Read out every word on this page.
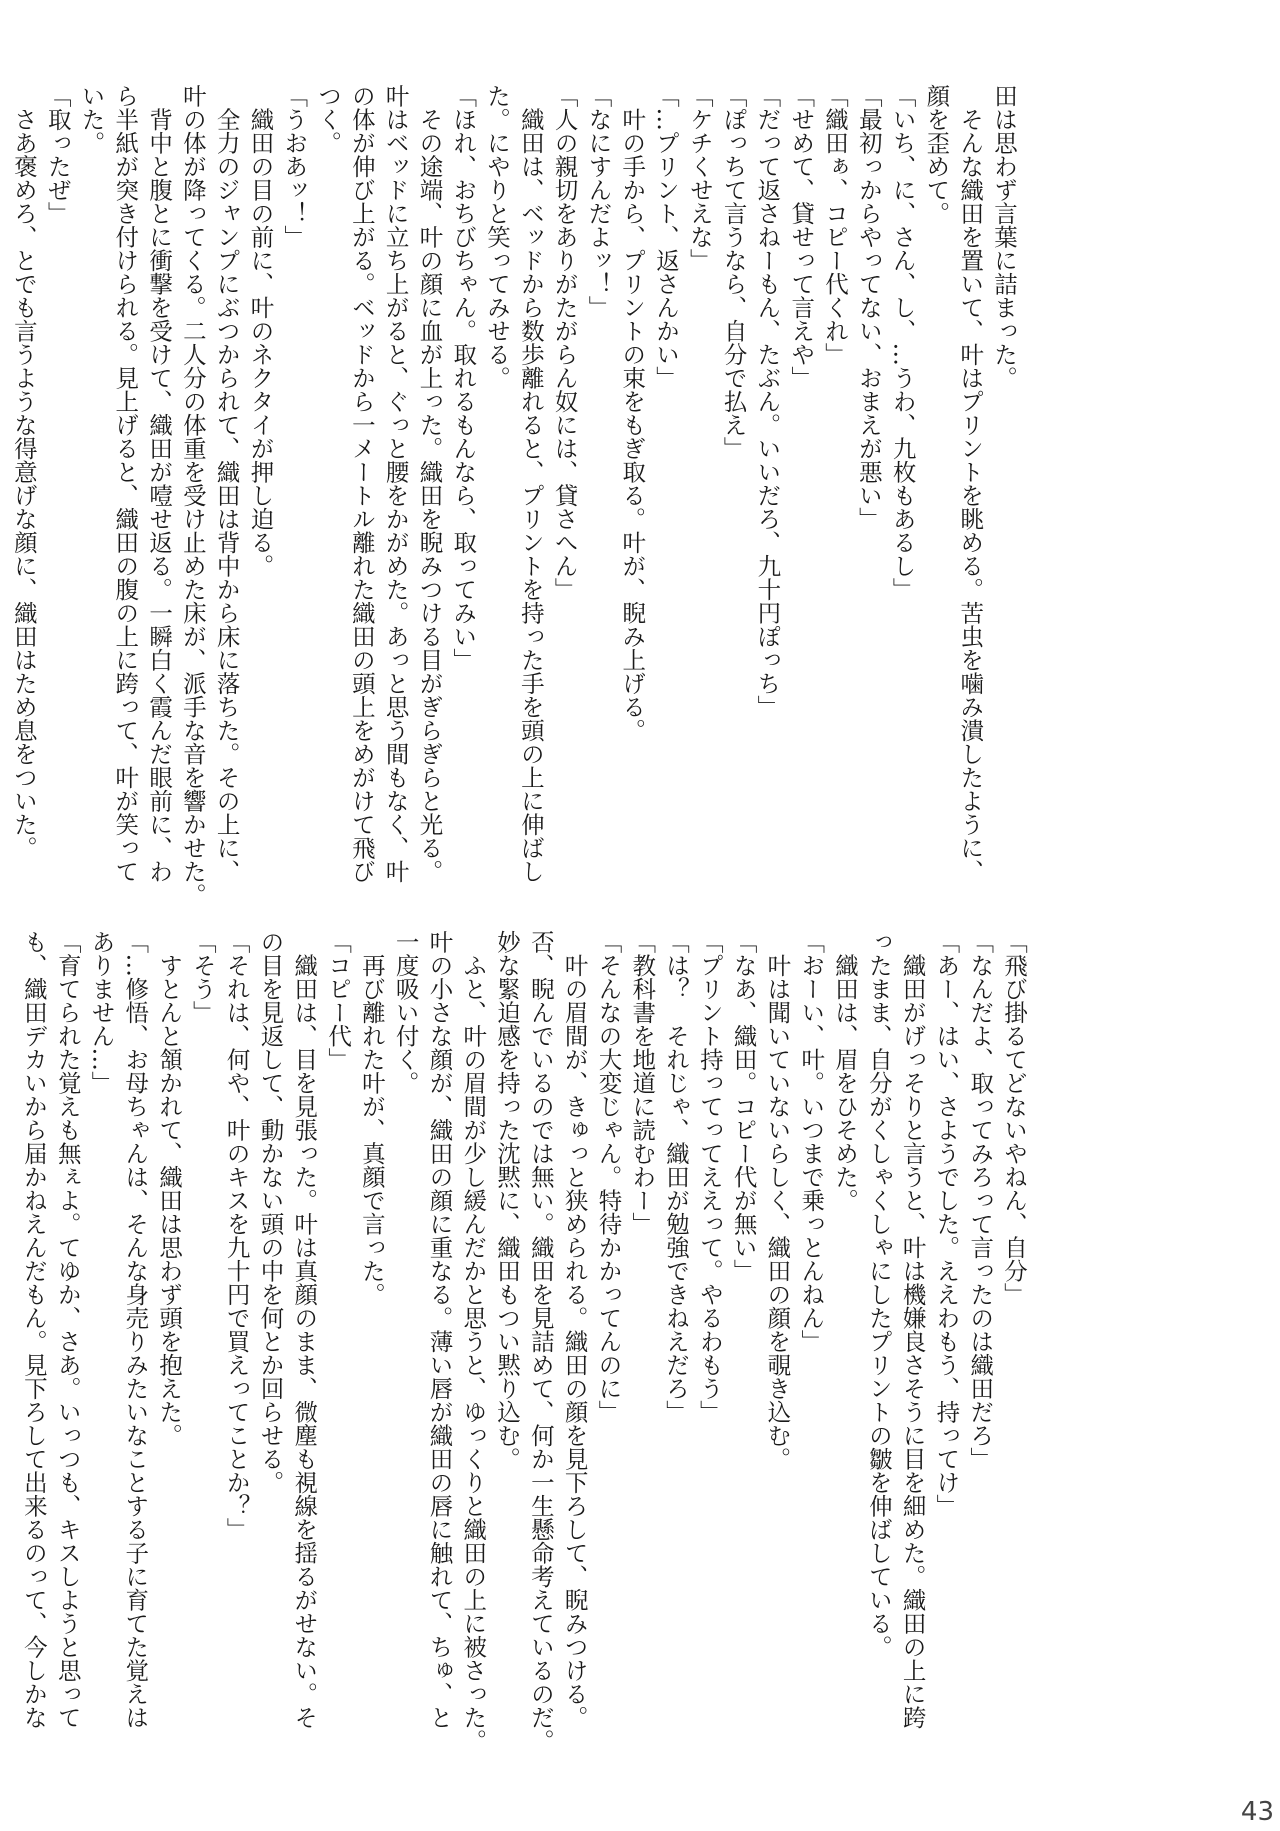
田は思わず言葉に詰まった。
　そんな織田を置いて、叶はプリントを眺める。苦虫を噛み潰したように、
顔を歪めて。
「いち、に、さん、し、…うわ、九枚もあるし」
「最初っからやってない、おまえが悪い」
「織田ぁ、コピー代くれ」
「せめて、貸せって言えや」
「だって返さねーもん、たぶん。いいだろ、九十円ぽっち」
「ぽっちて言うなら、自分で払え」
「ケチくせえな」
「…プリント、返さんかい」
　叶の手から、プリントの束をもぎ取る。叶が、睨み上げる。
「なにすんだよッ！」
「人の親切をありがたがらん奴には、貸さへん」
　織田は、ベッドから数歩離れると、プリントを持った手を頭の上に伸ばし
た。にやりと笑ってみせる。
「ほれ、おちびちゃん。取れるもんなら、取ってみい」
　その途端、叶の顔に血が上った。織田を睨みつける目がぎらぎらと光る。
叶はベッドに立ち上がると、ぐっと腰をかがめた。あっと思う間もなく、叶
の体が伸び上がる。ベッドから一メートル離れた織田の頭上をめがけて飛び
つく。
「うおあッ！」
　織田の目の前に、叶のネクタイが押し迫る。
　全力のジャンプにぶつかられて、織田は背中から床に落ちた。その上に、
叶の体が降ってくる。二人分の体重を受け止めた床が、派手な音を響かせた。
　背中と腹とに衝撃を受けて、織田が噎せ返る。一瞬白く霞んだ眼前に、わ
ら半紙が突き付けられる。見上げると、織田の腹の上に跨って、叶が笑って
いた。
「取ったぜ」
　さあ褒めろ、とでも言うような得意げな顔に、織田はため息をついた。
「飛び掛るてどないやねん、自分」
「なんだよ、取ってみろって言ったのは織田だろ」
「あー、はい、さようでした。ええわもう、持ってけ」
　織田がげっそりと言うと、叶は機嫌良さそうに目を細めた。織田の上に跨
ったまま、自分がくしゃくしゃにしたプリントの皺を伸ばしている。
　織田は、眉をひそめた。
「おーい、叶。いつまで乗っとんねん」
　叶は聞いていないらしく、織田の顔を覗き込む。
「なあ、織田。コピー代が無い」
「プリント持ってってええって。やるわもう」
「は？　それじゃ、織田が勉強できねえだろ」
「教科書を地道に読むわー」
「そんなの大変じゃん。特待かかってんのに」
　叶の眉間が、きゅっと狭められる。織田の顔を見下ろして、睨みつける。
否、睨んでいるのでは無い。織田を見詰めて、何か一生懸命考えているのだ。
妙な緊迫感を持った沈黙に、織田もつい黙り込む。
　ふと、叶の眉間が少し緩んだかと思うと、ゆっくりと織田の上に被さった。
叶の小さな顔が、織田の顔に重なる。薄い唇が織田の唇に触れて、ちゅ、と
一度吸い付く。
　再び離れた叶が、真顔で言った。
「コピー代」
　織田は、目を見張った。叶は真顔のまま、微塵も視線を揺るがせない。そ
の目を見返して、動かない頭の中を何とか回らせる。
「それは、何や、叶のキスを九十円で買えってことか？」
「そう」
　すとんと頷かれて、織田は思わず頭を抱えた。
「…修悟、お母ちゃんは、そんな身売りみたいなことする子に育てた覚えは
ありません…」
「育てられた覚えも無ぇよ。てゆか、さあ。いっつも、キスしようと思って
も、織田デカいから届かねえんだもん。見下ろして出来るのって、今しかな
43
